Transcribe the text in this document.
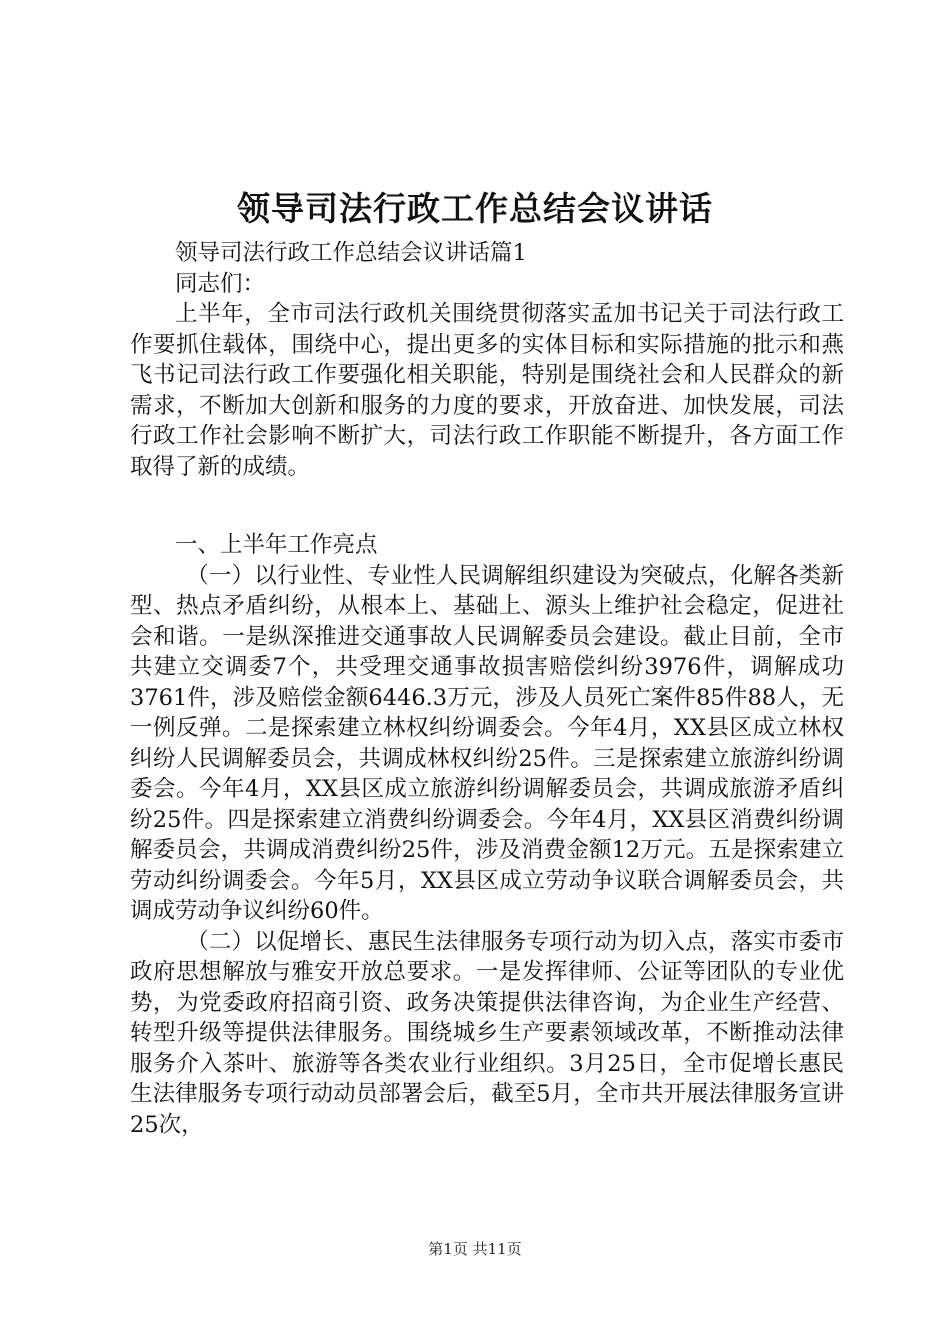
领导司法行政工作总结会议讲话

领导司法行政工作总结会议讲话篇1

同志们：

上半年，全市司法行政机关围绕贯彻落实孟加书记关于司法行政工作要抓住载体，围绕中心，提出更多的实体目标和实际措施的批示和燕飞书记司法行政工作要强化相关职能，特别是围绕社会和人民群众的新需求，不断加大创新和服务的力度的要求，开放奋进、加快发展，司法行政工作社会影响不断扩大，司法行政工作职能不断提升，各方面工作取得了新的成绩。

一、上半年工作亮点

（一）以行业性、专业性人民调解组织建设为突破点，化解各类新型、热点矛盾纠纷，从根本上、基础上、源头上维护社会稳定，促进社会和谐。一是纵深推进交通事故人民调解委员会建设。截止目前，全市共建立交调委7个，共受理交通事故损害赔偿纠纷3976件，调解成功3761件，涉及赔偿金额6446.3万元，涉及人员死亡案件85件88人，无一例反弹。二是探索建立林权纠纷调委会。今年4月，XX县区成立林权纠纷人民调解委员会，共调成林权纠纷25件。三是探索建立旅游纠纷调委会。今年4月，XX县区成立旅游纠纷调解委员会，共调成旅游矛盾纠纷25件。四是探索建立消费纠纷调委会。今年4月，XX县区消费纠纷调解委员会，共调成消费纠纷25件，涉及消费金额12万元。五是探索建立劳动纠纷调委会。今年5月，XX县区成立劳动争议联合调解委员会，共调成劳动争议纠纷60件。

（二）以促增长、惠民生法律服务专项行动为切入点，落实市委市政府思想解放与雅安开放总要求。一是发挥律师、公证等团队的专业优势，为党委政府招商引资、政务决策提供法律咨询，为企业生产经营、转型升级等提供法律服务。围绕城乡生产要素领域改革，不断推动法律服务介入茶叶、旅游等各类农业行业组织。3月25日，全市促增长惠民生法律服务专项行动动员部署会后，截至5月，全市共开展法律服务宣讲25次，

第1页 共11页
